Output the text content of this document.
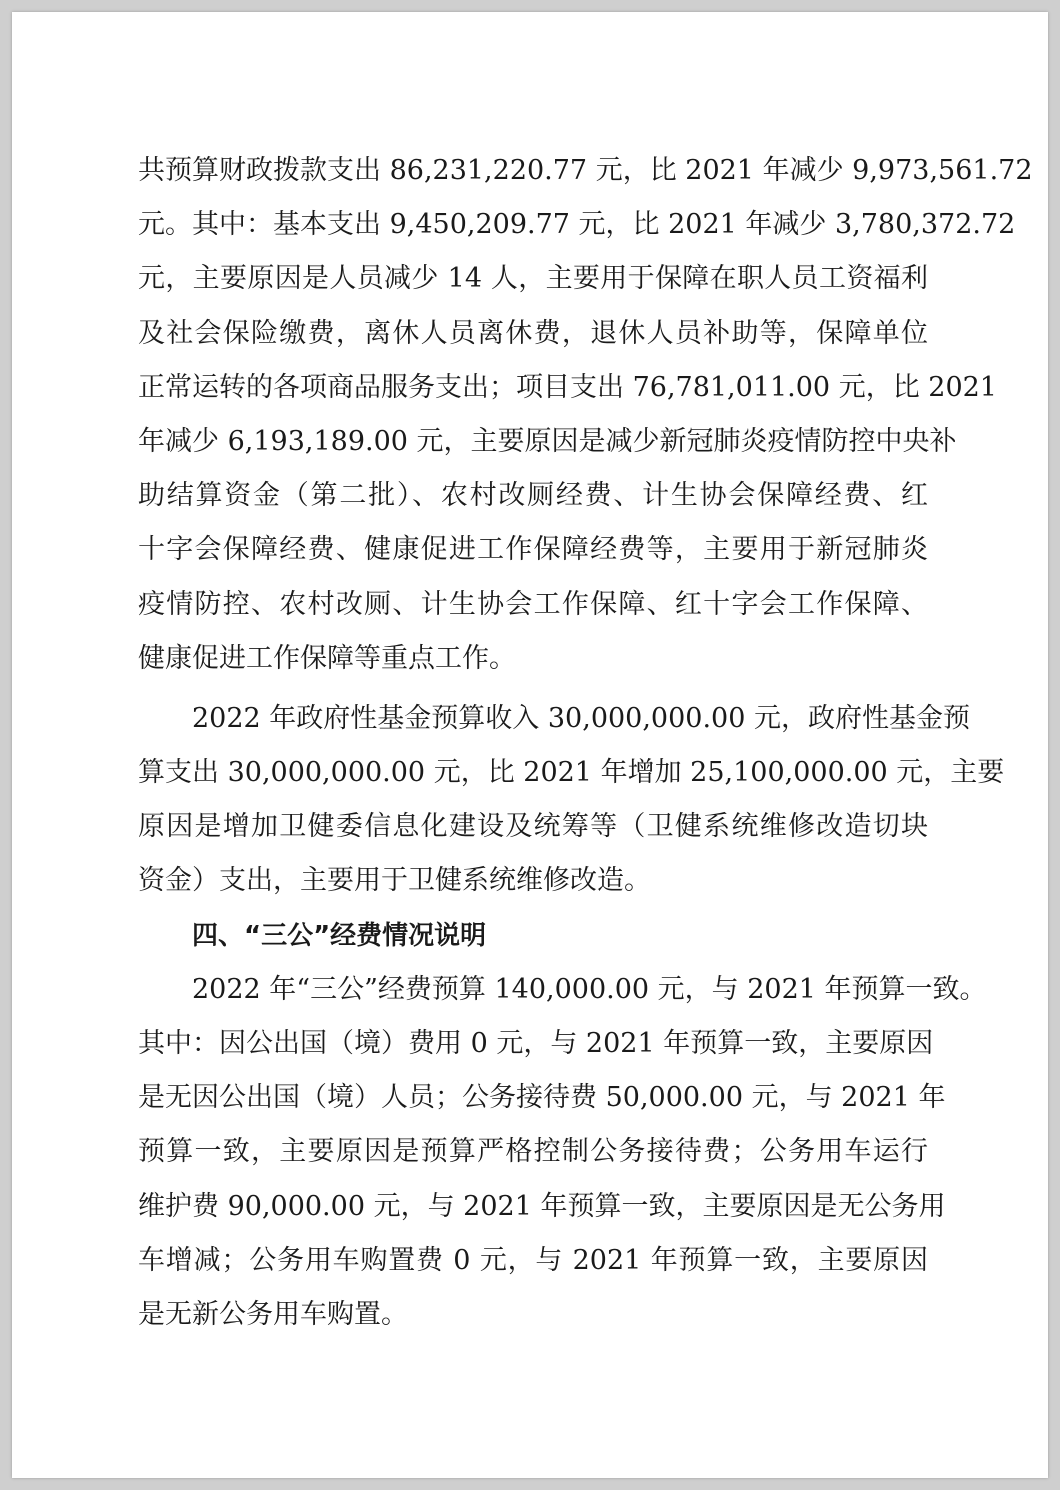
共预算财政拨款支出 86,231,220.77 元，比 2021 年减少 9,973,561.72
元。其中：基本支出 9,450,209.77 元，比 2021 年减少 3,780,372.72
元，主要原因是人员减少 14 人，主要用于保障在职人员工资福利
及社会保险缴费，离休人员离休费，退休人员补助等，保障单位
正常运转的各项商品服务支出；项目支出 76,781,011.00 元，比 2021
年减少 6,193,189.00 元，主要原因是减少新冠肺炎疫情防控中央补
助结算资金（第二批）、农村改厕经费、计生协会保障经费、红
十字会保障经费、健康促进工作保障经费等，主要用于新冠肺炎
疫情防控、农村改厕、计生协会工作保障、红十字会工作保障、
健康促进工作保障等重点工作。
2022 年政府性基金预算收入 30,000,000.00 元，政府性基金预
算支出 30,000,000.00 元，比 2021 年增加 25,100,000.00 元，主要
原因是增加卫健委信息化建设及统筹等（卫健系统维修改造切块
资金）支出，主要用于卫健系统维修改造。
四、“三公”经费情况说明
2022 年“三公”经费预算 140,000.00 元，与 2021 年预算一致。
其中：因公出国（境）费用 0 元，与 2021 年预算一致，主要原因
是无因公出国（境）人员；公务接待费 50,000.00 元，与 2021 年
预算一致，主要原因是预算严格控制公务接待费；公务用车运行
维护费 90,000.00 元，与 2021 年预算一致，主要原因是无公务用
车增减；公务用车购置费 0 元，与 2021 年预算一致，主要原因
是无新公务用车购置。
